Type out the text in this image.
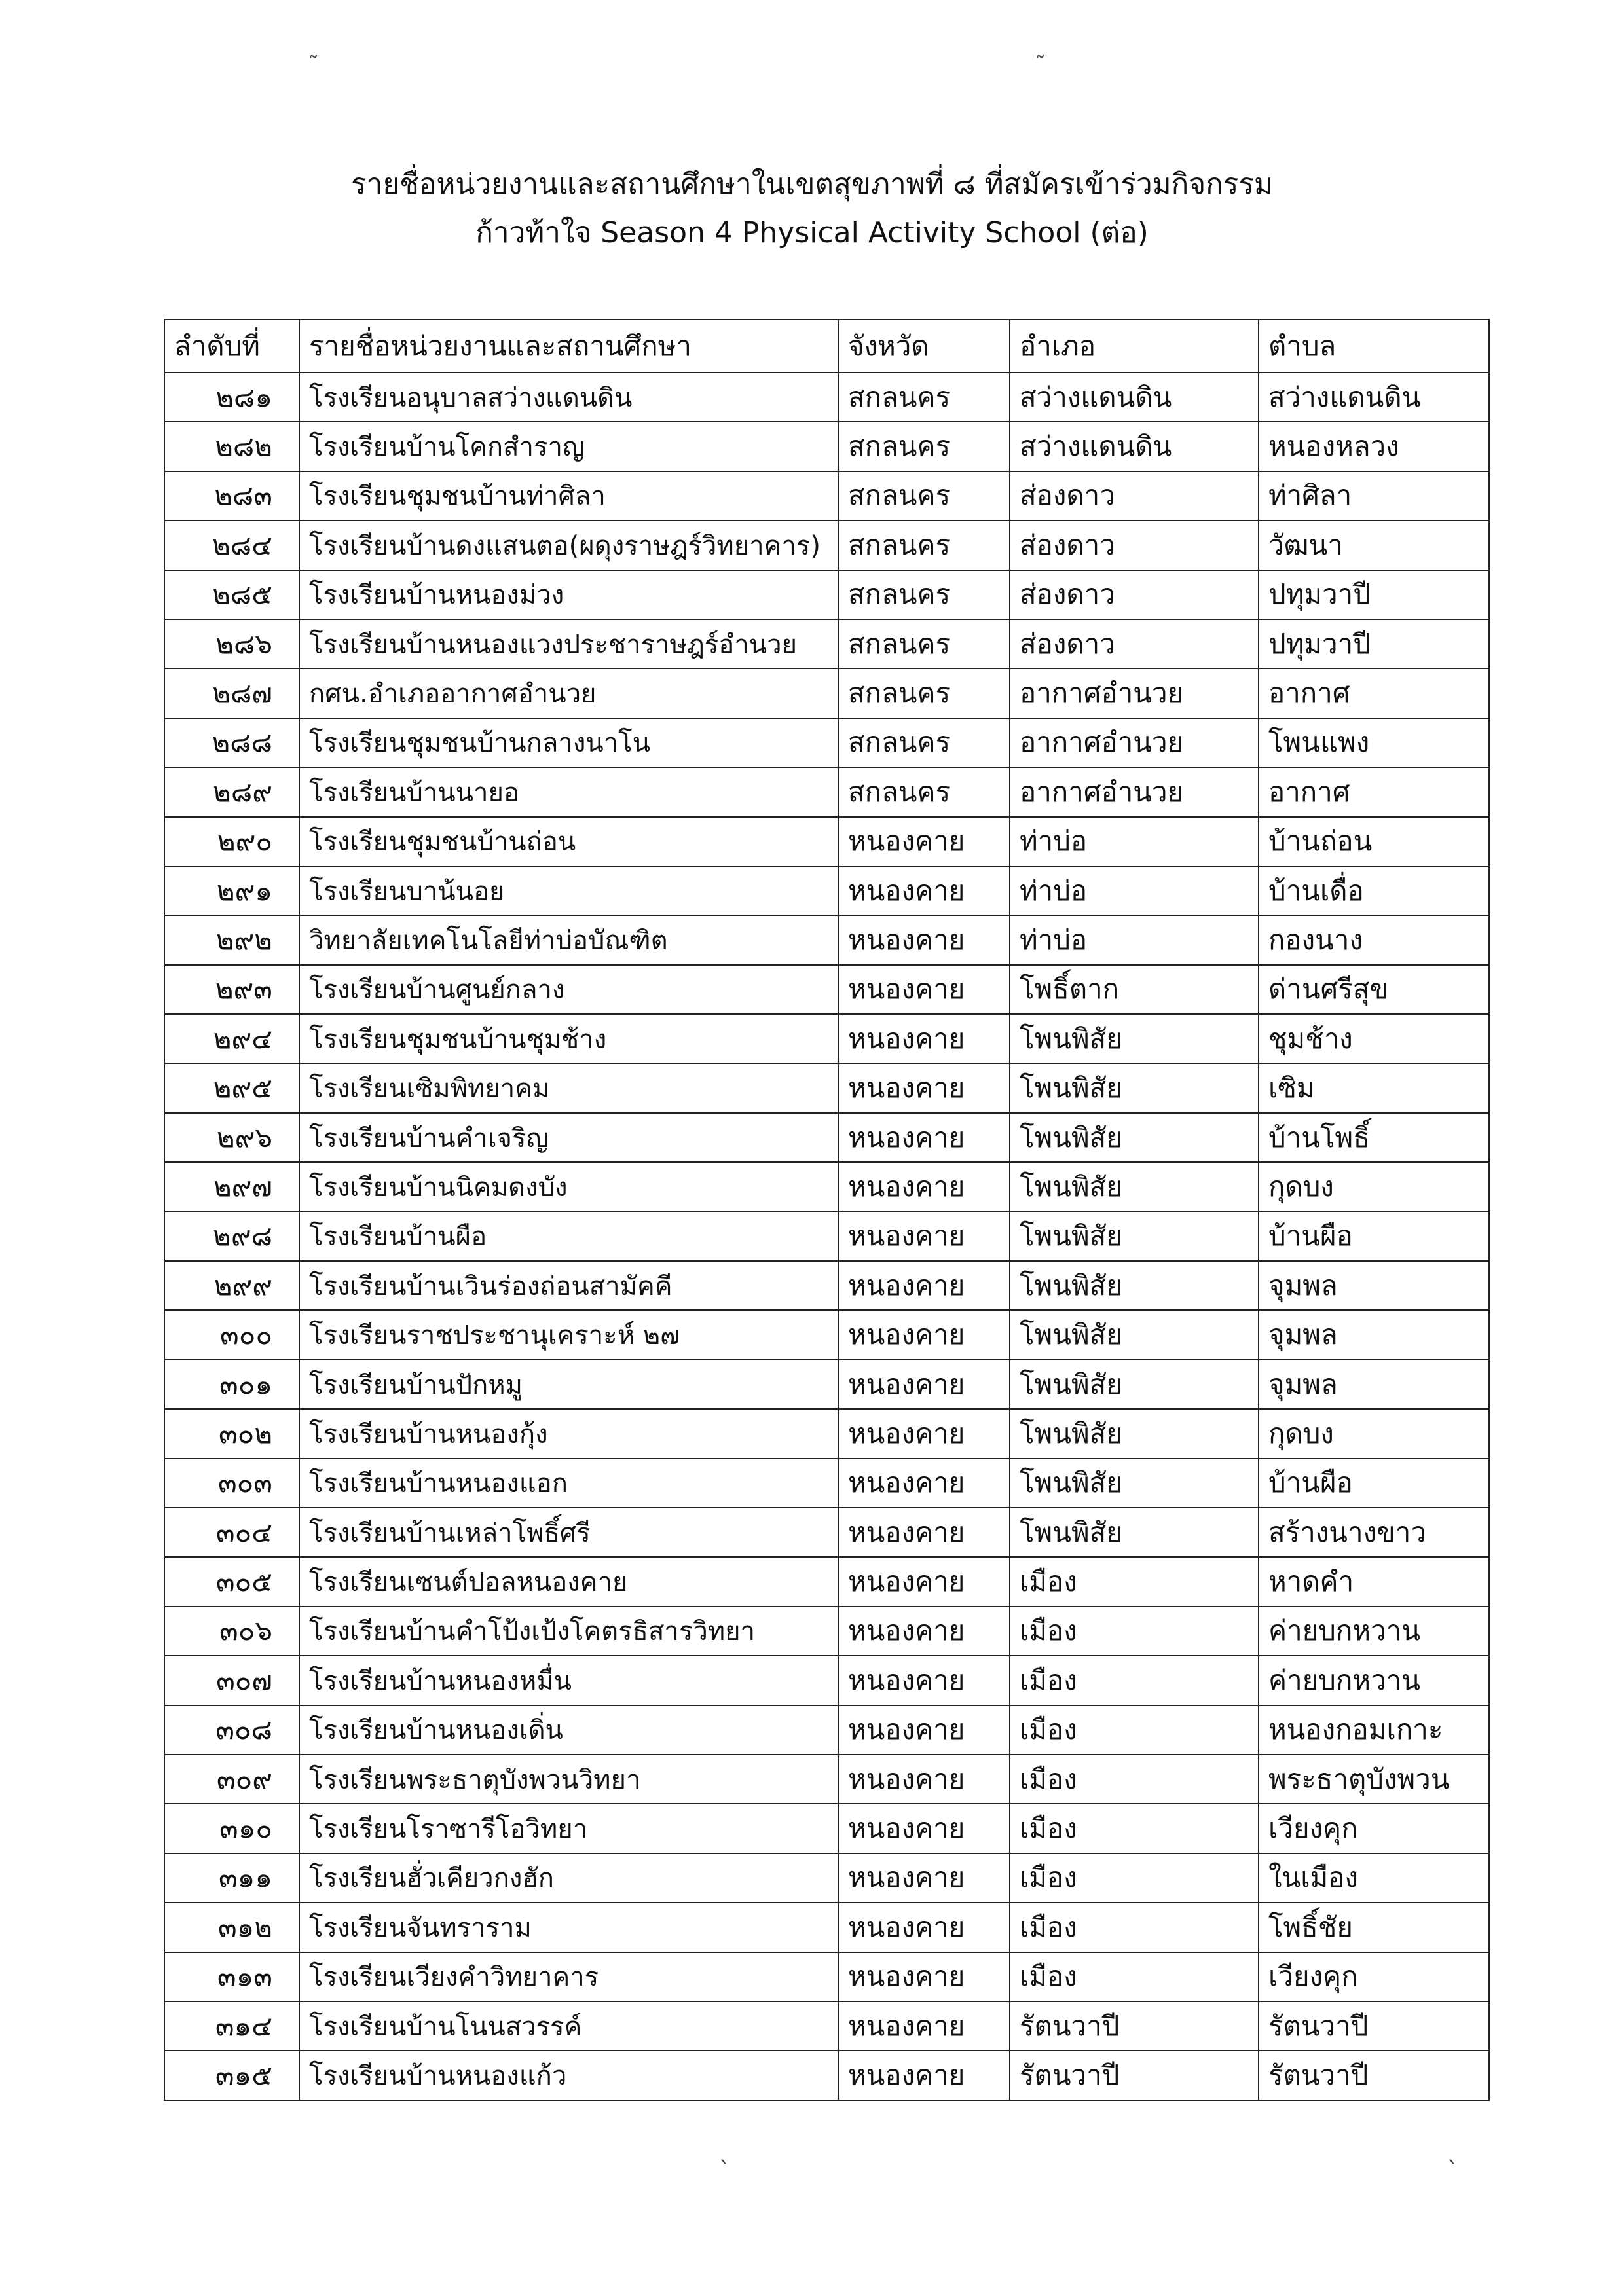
˜	˜
รายชื่อหน่วยงานและสถานศึกษาในเขตสุขภาพที่ ๘ ที่สมัครเข้าร่วมกิจกรรม
ก้าวท้าใจ Season 4 Physical Activity School (ต่อ)
ลำดับที่	รายชื่อหน่วยงานและสถานศึกษา	จังหวัด	อำเภอ	ตำบล
๒๘๑	โรงเรียนอนุบาลสว่างแดนดิน	สกลนคร	สว่างแดนดิน	สว่างแดนดิน
๒๘๒	โรงเรียนบ้านโคกสำราญ	สกลนคร	สว่างแดนดิน	หนองหลวง
๒๘๓	โรงเรียนชุมชนบ้านท่าศิลา	สกลนคร	ส่องดาว	ท่าศิลา
๒๘๔	โรงเรียนบ้านดงแสนตอ(ผดุงราษฎร์วิทยาคาร)	สกลนคร	ส่องดาว	วัฒนา
๒๘๕	โรงเรียนบ้านหนองม่วง	สกลนคร	ส่องดาว	ปทุมวาปี
๒๘๖	โรงเรียนบ้านหนองแวงประชาราษฎร์อำนวย	สกลนคร	ส่องดาว	ปทุมวาปี
๒๘๗	กศน.อำเภออากาศอำนวย	สกลนคร	อากาศอำนวย	อากาศ
๒๘๘	โรงเรียนชุมชนบ้านกลางนาโน	สกลนคร	อากาศอำนวย	โพนแพง
๒๘๙	โรงเรียนบ้านนายอ	สกลนคร	อากาศอำนวย	อากาศ
๒๙๐	โรงเรียนชุมชนบ้านถ่อน	หนองคาย	ท่าบ่อ	บ้านถ่อน
๒๙๑	โรงเรียนบาน้นอย	หนองคาย	ท่าบ่อ	บ้านเดื่อ
๒๙๒	วิทยาลัยเทคโนโลยีท่าบ่อบัณฑิต	หนองคาย	ท่าบ่อ	กองนาง
๒๙๓	โรงเรียนบ้านศูนย์กลาง	หนองคาย	โพธิ์ตาก	ด่านศรีสุข
๒๙๔	โรงเรียนชุมชนบ้านชุมช้าง	หนองคาย	โพนพิสัย	ชุมช้าง
๒๙๕	โรงเรียนเซิมพิทยาคม	หนองคาย	โพนพิสัย	เซิม
๒๙๖	โรงเรียนบ้านคำเจริญ	หนองคาย	โพนพิสัย	บ้านโพธิ์
๒๙๗	โรงเรียนบ้านนิคมดงบัง	หนองคาย	โพนพิสัย	กุดบง
๒๙๘	โรงเรียนบ้านผือ	หนองคาย	โพนพิสัย	บ้านผือ
๒๙๙	โรงเรียนบ้านเวินร่องถ่อนสามัคคี	หนองคาย	โพนพิสัย	จุมพล
๓๐๐	โรงเรียนราชประชานุเคราะห์ ๒๗	หนองคาย	โพนพิสัย	จุมพล
๓๐๑	โรงเรียนบ้านปักหมู	หนองคาย	โพนพิสัย	จุมพล
๓๐๒	โรงเรียนบ้านหนองกุ้ง	หนองคาย	โพนพิสัย	กุดบง
๓๐๓	โรงเรียนบ้านหนองแอก	หนองคาย	โพนพิสัย	บ้านผือ
๓๐๔	โรงเรียนบ้านเหล่าโพธิ์ศรี	หนองคาย	โพนพิสัย	สร้างนางขาว
๓๐๕	โรงเรียนเซนต์ปอลหนองคาย	หนองคาย	เมือง	หาดคำ
๓๐๖	โรงเรียนบ้านคำโป้งเป้งโคตรธิสารวิทยา	หนองคาย	เมือง	ค่ายบกหวาน
๓๐๗	โรงเรียนบ้านหนองหมื่น	หนองคาย	เมือง	ค่ายบกหวาน
๓๐๘	โรงเรียนบ้านหนองเดิ่น	หนองคาย	เมือง	หนองกอมเกาะ
๓๐๙	โรงเรียนพระธาตุบังพวนวิทยา	หนองคาย	เมือง	พระธาตุบังพวน
๓๑๐	โรงเรียนโราซารีโอวิทยา	หนองคาย	เมือง	เวียงคุก
๓๑๑	โรงเรียนฮั่วเคียวกงฮัก	หนองคาย	เมือง	ในเมือง
๓๑๒	โรงเรียนจันทราราม	หนองคาย	เมือง	โพธิ์ชัย
๓๑๓	โรงเรียนเวียงคำวิทยาคาร	หนองคาย	เมือง	เวียงคุก
๓๑๔	โรงเรียนบ้านโนนสวรรค์	หนองคาย	รัตนวาปี	รัตนวาปี
๓๑๕	โรงเรียนบ้านหนองแก้ว	หนองคาย	รัตนวาปี	รัตนวาปี
ˋ	ˋ
